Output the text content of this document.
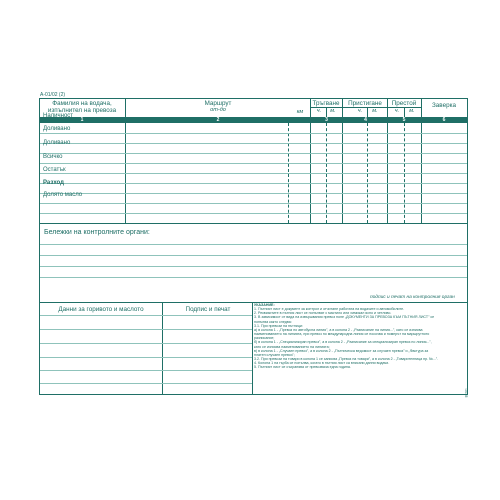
А-01/02 (2)
Фамилия на водача, изпълнител на превоза
Маршрут
от-до	км
Тръгване	Пристигане	Престой	Заверка
ч.	м.	ч.	м.	ч.	м.
1	2	3	4	5	6
Бележки на контролните органи:
подпис и печат на контролния орган
Данни за горивото и маслото	Подпис и печат
Наличност
Доливано
Доливано
Всичко
Остатък
Разход
Долято масло
УКАЗАНИЕ:
1. Пътният лист е документ за контрол и отчитане работата на водачите и автомобилите.
2. Реквизитите в пътния лист се попълват с мастило или химикал ясно и четливо.
3. В зависимост от вида на извършвания превоз поле „ДОКУМЕНТИ ЗА ПРЕВОЗА КЪМ ПЪТНИЯ ЛИСТ" се
попълва както следва:
3.1. При превози на пътници:
а) в колона 1 - „Превоз по автобусна линия", а в колона 2 - „Разписание на линия...", като се изписва
наименованието на линията, при превоз по международна линия се посочва и номерът на маршрутното
разписание;
б) в колона 1 - „Специализиран превоз", а в колона 2 - „Разписание за специализиран превоз по линия...",
като се изписва наименованието на линията;
в) в колона 1 - „Случаен превоз", а в колона 2 - „Пътническа ведомост за случаен превоз" и „Фактура за
платен случаен превоз";
3.2. При превози на товари в колона 1 се записва „Превоз на товари", а в колона 2 - „Товарителница пр. №...".
4. Колона 1 на гърба се попълва, когато в пътния лист са вписани данни водачи.
5. Пътният лист се съхранява от превозвача една година.
В-201
